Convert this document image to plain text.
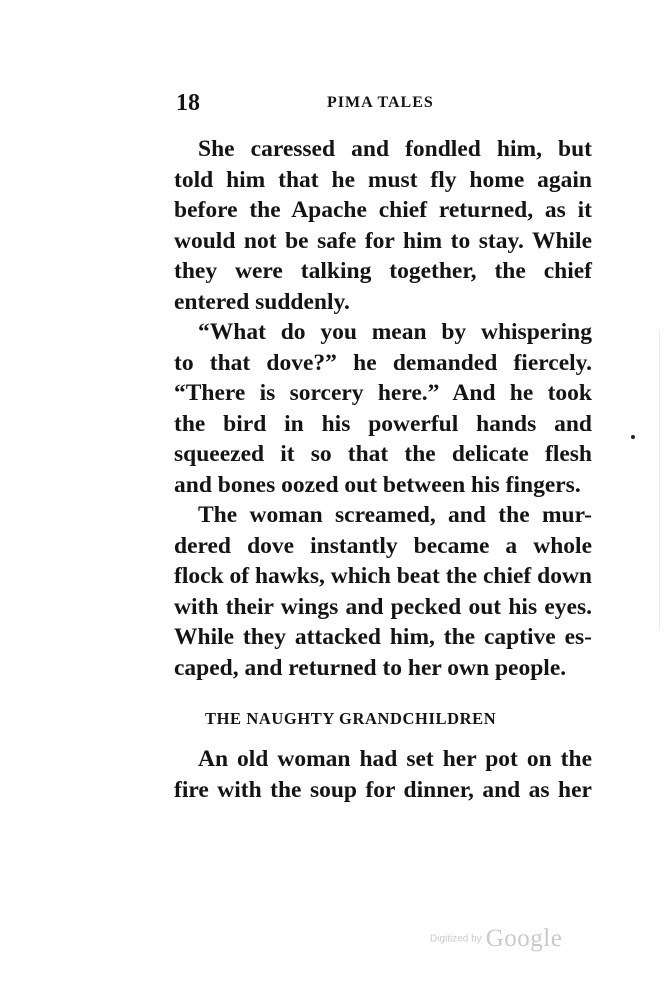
18	PIMA TALES
She caressed and fondled him, but
told him that he must fly home again
before the Apache chief returned, as it
would not be safe for him to stay. While
they were talking together, the chief
entered suddenly.
“What do you mean by whispering
to that dove?” he demanded fiercely.
“There is sorcery here.” And he took
the bird in his powerful hands and
squeezed it so that the delicate flesh
and bones oozed out between his fingers.
The woman screamed, and the mur-
dered dove instantly became a whole
flock of hawks, which beat the chief down
with their wings and pecked out his eyes.
While they attacked him, the captive es-
caped, and returned to her own people.
THE NAUGHTY GRANDCHILDREN
An old woman had set her pot on the
fire with the soup for dinner, and as her
Digitized by Google
